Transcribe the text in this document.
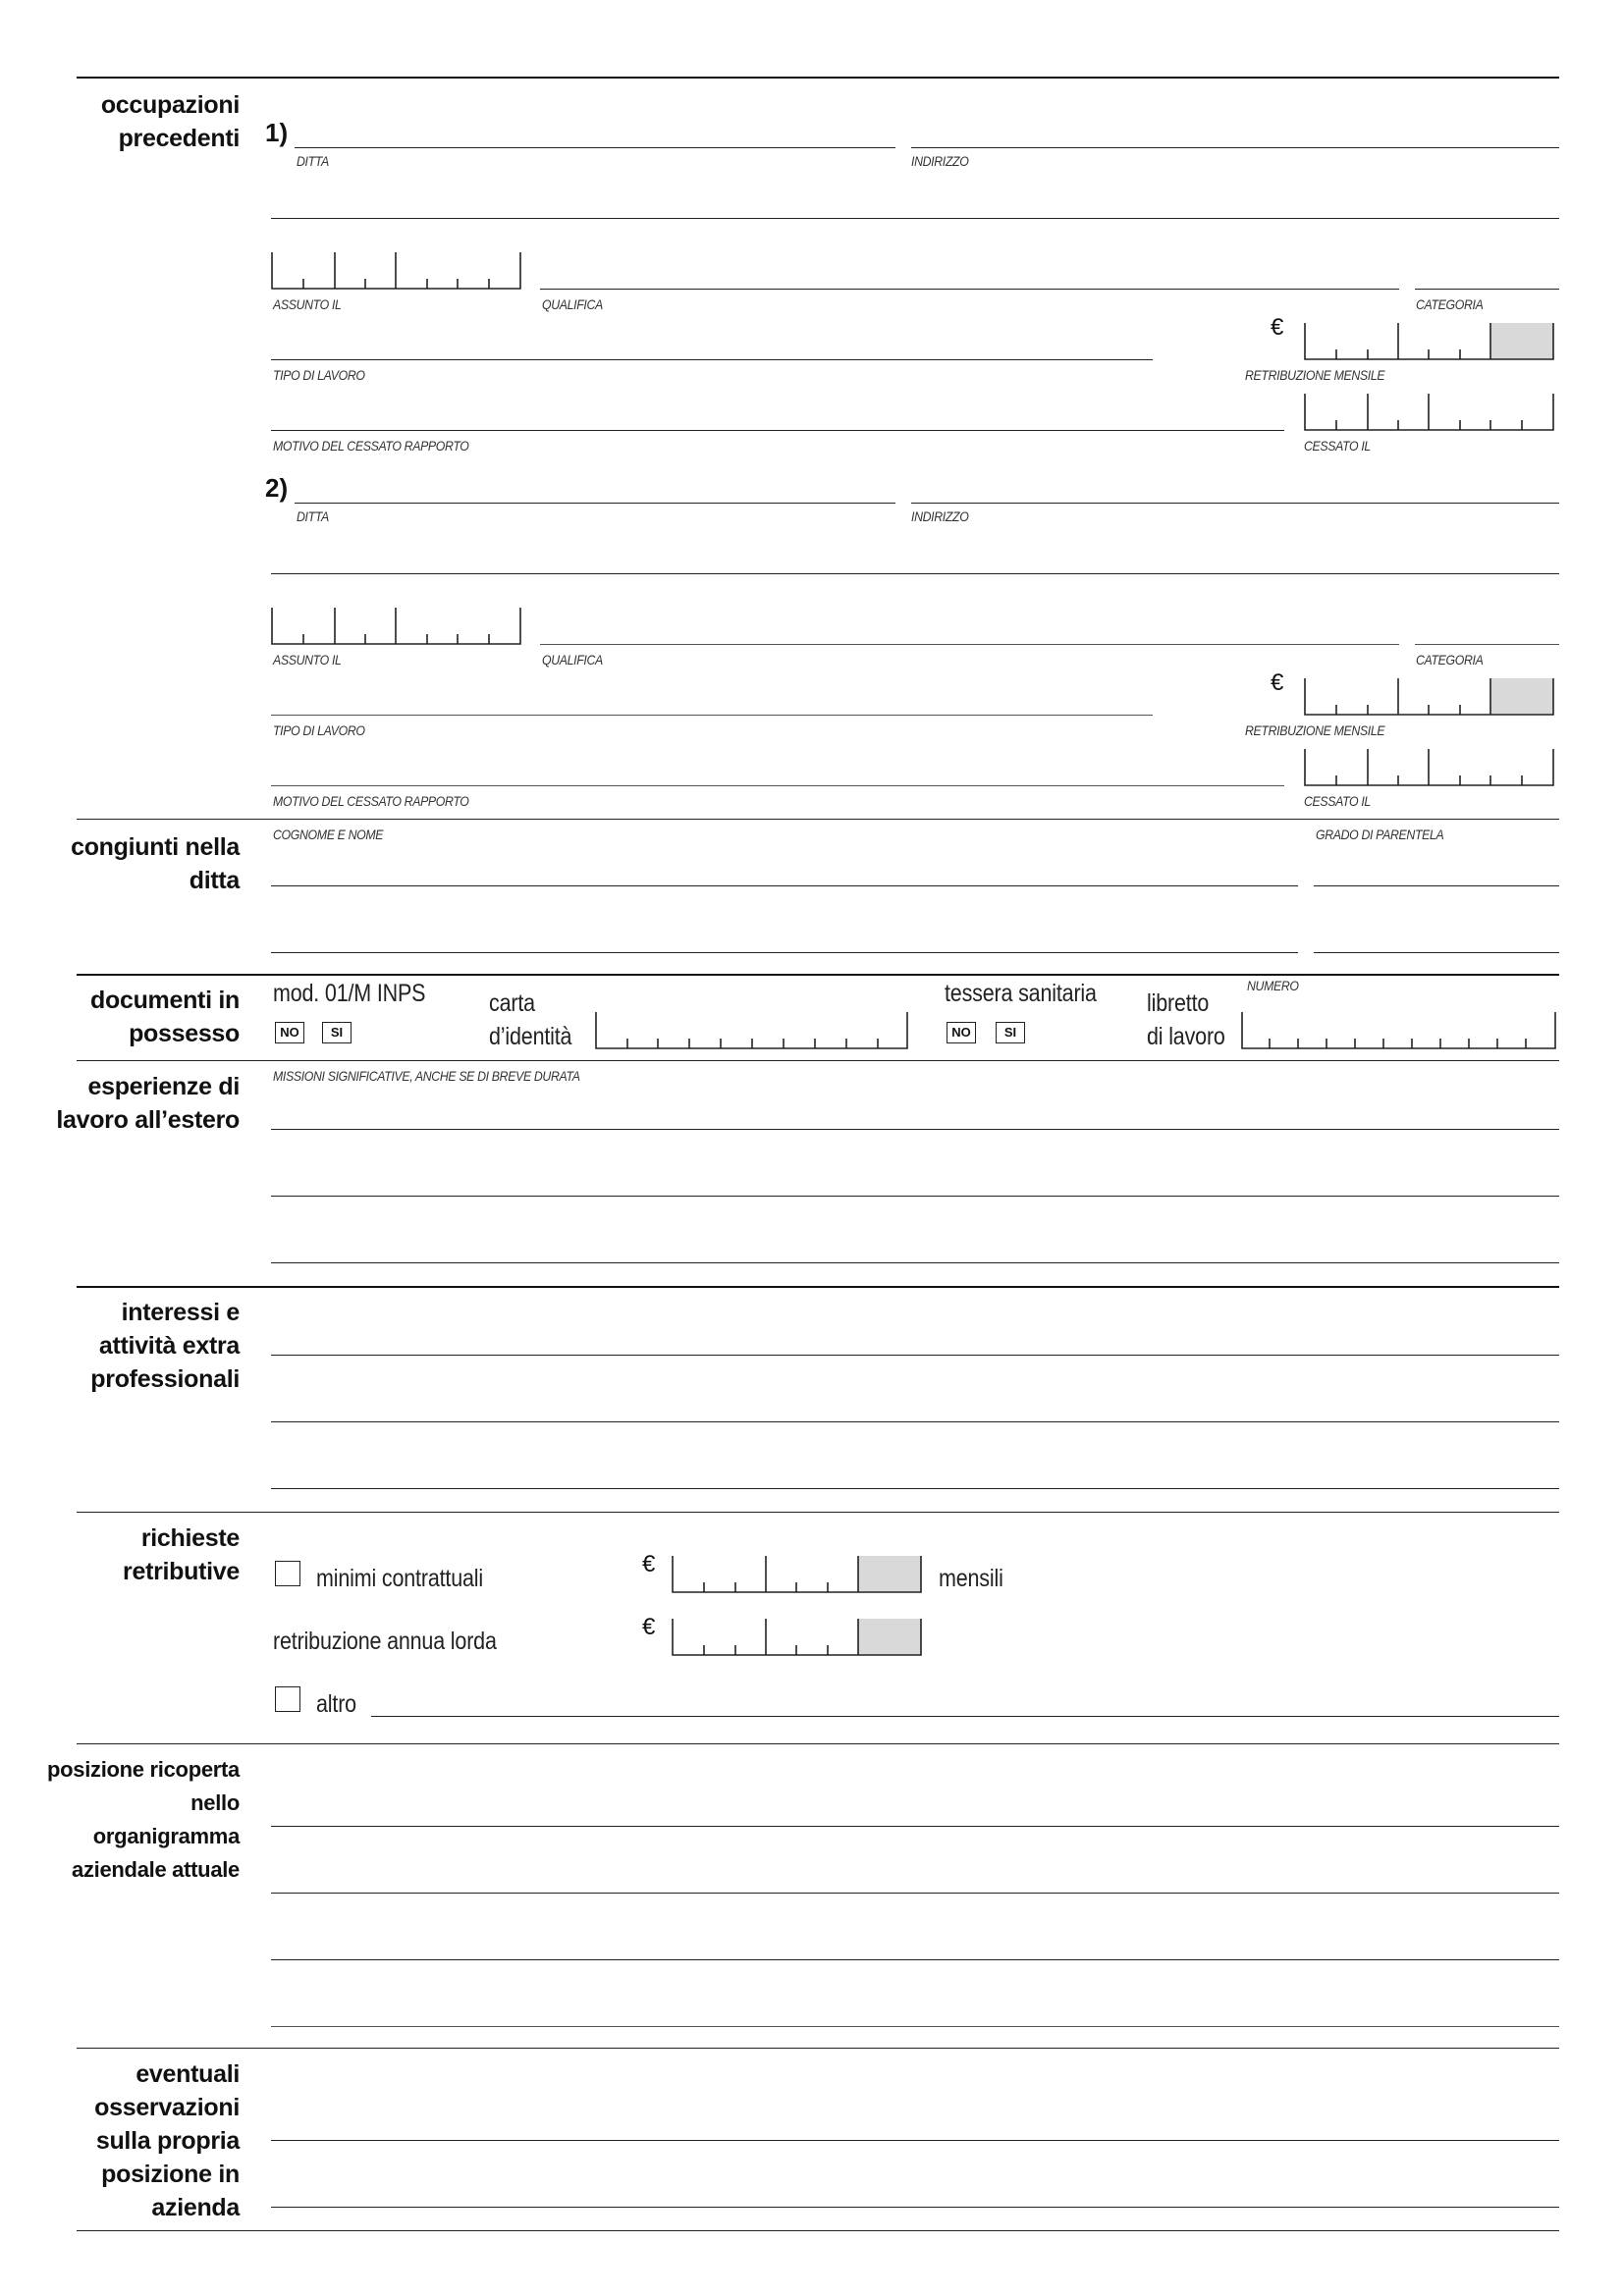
occupazioni precedenti 1)
DITTA	INDIRIZZO
ASSUNTO IL	QUALIFICA	CATEGORIA
€
TIPO DI LAVORO	RETRIBUZIONE MENSILE
MOTIVO DEL CESSATO RAPPORTO	CESSATO IL
2)
DITTA	INDIRIZZO
ASSUNTO IL	QUALIFICA	CATEGORIA
€
TIPO DI LAVORO	RETRIBUZIONE MENSILE
MOTIVO DEL CESSATO RAPPORTO	CESSATO IL
congiunti nella ditta
COGNOME E NOME	GRADO DI PARENTELA
documenti in possesso
mod. 01/M INPS
NO	SI
carta
d’identità
tessera sanitaria
NO	SI
libretto
di lavoro
NUMERO
esperienze di lavoro all’estero
MISSIONI SIGNIFICATIVE, ANCHE SE DI BREVE DURATA
interessi e attività extra professionali
richieste retributive	minimi contrattuali
€
mensili
retribuzione annua lorda
€
altro
posizione ricoperta nello organigramma aziendale attuale
eventuali osservazioni sulla propria posizione in azienda
